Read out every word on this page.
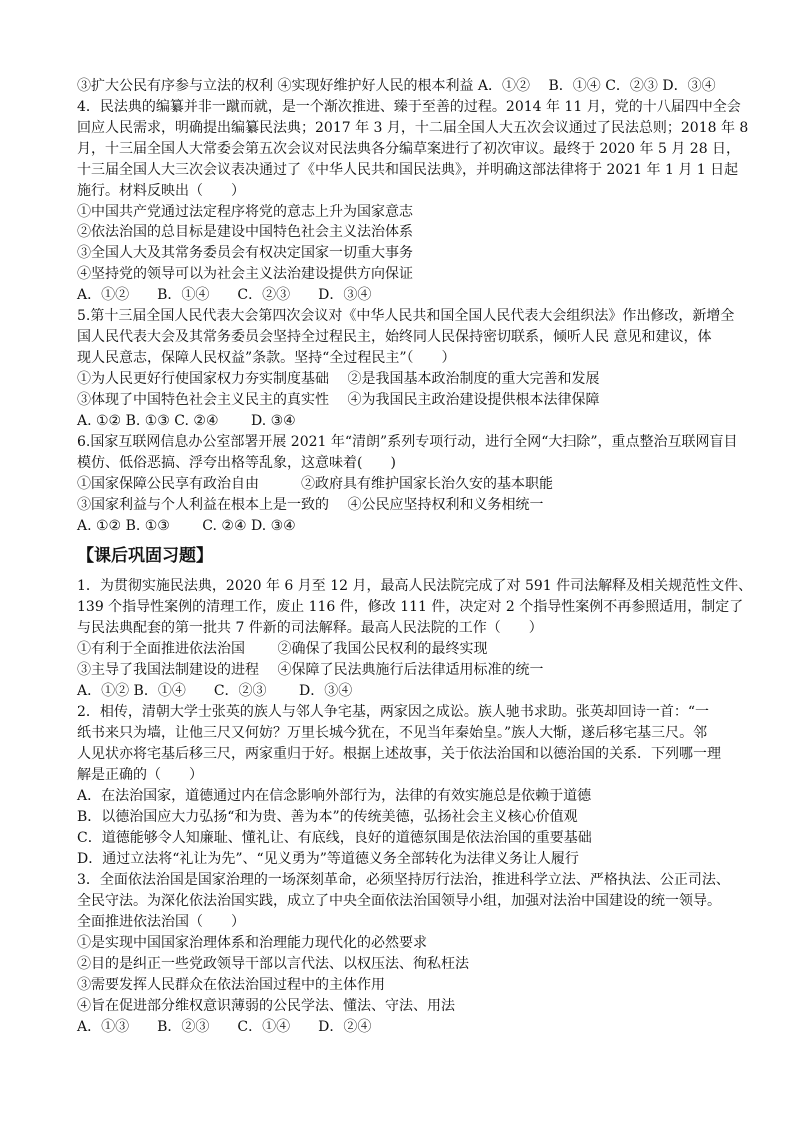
③扩大公民有序参与立法的权利 ④实现好维护好人民的根本利益 A．①②　 B．①④ C．②③ D．③④
4．民法典的编纂并非一蹴而就，是一个渐次推进、臻于至善的过程。2014 年 11 月，党的十八届四中全会
回应人民需求，明确提出编纂民法典；2017 年 3 月，十二届全国人大五次会议通过了民法总则；2018 年 8
月，十三届全国人大常委会第五次会议对民法典各分编草案进行了初次审议。最终于 2020 年 5 月 28 日，
十三届全国人大三次会议表决通过了《中华人民共和国民法典》，并明确这部法律将于 2021 年 1 月 1 日起
施行。材料反映出（　　）
①中国共产党通过法定程序将党的意志上升为国家意志
②依法治国的总目标是建设中国特色社会主义法治体系
③全国人大及其常务委员会有权决定国家一切重大事务
④坚持党的领导可以为社会主义法治建设提供方向保证
A．①②　　B．①④　　C．②③　　D．③④
5.第十三届全国人民代表大会第四次会议对《中华人民共和国全国人民代表大会组织法》作出修改，新增全
国人民代表大会及其常务委员会坚持全过程民主，始终同人民保持密切联系，倾听人民 意见和建议，体
现人民意志，保障人民权益”条款。坚持“全过程民主”（　　）
①为人民更好行使国家权力夯实制度基础　 ②是我国基本政治制度的重大完善和发展
③体现了中国特色社会主义民主的真实性　 ④为我国民主政治建设提供根本法律保障
A. ①② B. ①③ C. ②④　　 D. ③④
6.国家互联网信息办公室部署开展 2021 年“清朗”系列专项行动，进行全网“大扫除”，重点整治互联网盲目
模仿、低俗恶搞、浮夸出格等乱象，这意味着(　　)
①国家保障公民享有政治自由　　　②政府具有维护国家长治久安的基本职能
③国家利益与个人利益在根本上是一致的　 ④公民应坚持权利和义务相统一
A. ①② B. ①③　　 C. ②④ D. ③④
【课后巩固习题】
1．为贯彻实施民法典，2020 年 6 月至 12 月，最高人民法院完成了对 591 件司法解释及相关规范性文件、
139 个指导性案例的清理工作，废止 116 件，修改 111 件，决定对 2 个指导性案例不再参照适用，制定了
与民法典配套的第一批共 7 件新的司法解释。最高人民法院的工作（　　）
①有利于全面推进依法治国　　 ②确保了我国公民权利的最终实现
③主导了我国法制建设的进程　 ④保障了民法典施行后法律适用标准的统一
A．①② B．①④　　C．②③　　 D．③④
2．相传，清朝大学士张英的族人与邻人争宅基，两家因之成讼。族人驰书求助。张英却回诗一首：“一
纸书来只为墙，让他三尺又何妨？万里长城今犹在，不见当年秦始皇。”族人大惭，遂后移宅基三尺。邻
人见状亦将宅基后移三尺，两家重归于好。根据上述故事，关于依法治国和以德治国的关系．下列哪一理
解是正确的（　　）
A．在法治国家，道德通过内在信念影响外部行为，法律的有效实施总是依赖于道德
B．以德治国应大力弘扬“和为贵、善为本”的传统美德，弘扬社会主义核心价值观
C．道德能够令人知廉耻、懂礼让、有底线，良好的道德氛围是依法治国的重要基础
D．通过立法将“礼让为先”、“见义勇为”等道德义务全部转化为法律义务让人履行
3．全面依法治国是国家治理的一场深刻革命，必须坚持厉行法治，推进科学立法、严格执法、公正司法、
全民守法。为深化依法治国实践，成立了中央全面依法治国领导小组，加强对法治中国建设的统一领导。
全面推进依法治国（　　）
①是实现中国国家治理体系和治理能力现代化的必然要求
②目的是纠正一些党政领导干部以言代法、以权压法、徇私枉法
③需要发挥人民群众在依法治国过程中的主体作用
④旨在促进部分维权意识薄弱的公民学法、懂法、守法、用法
A．①③　　B．②③　　C．①④　　D．②④
